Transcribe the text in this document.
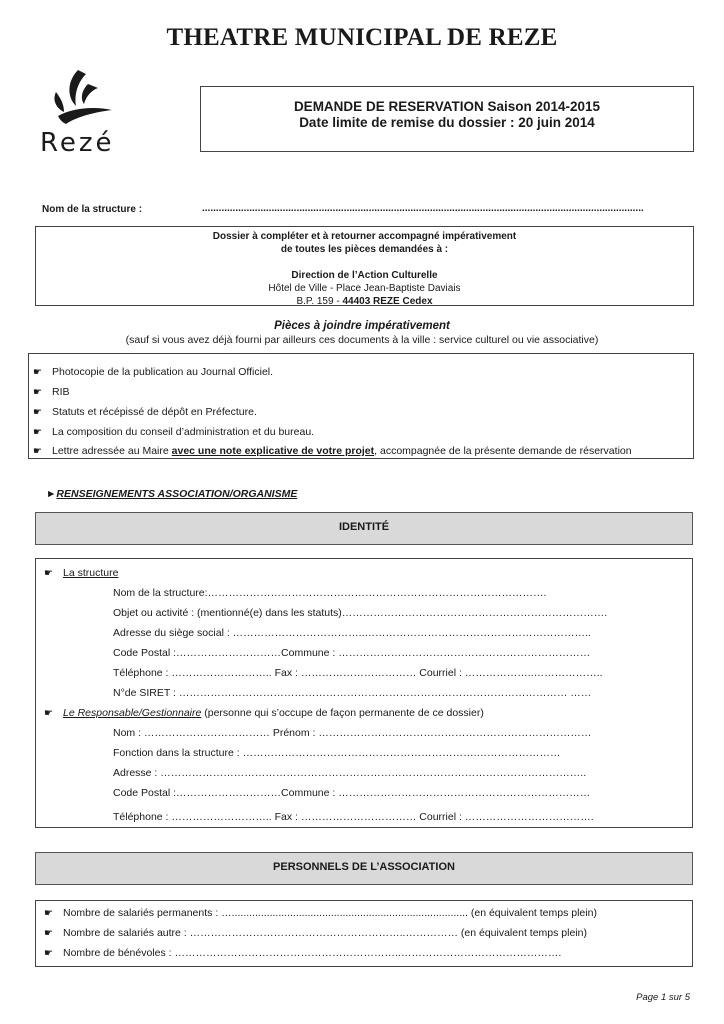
THEATRE MUNICIPAL DE REZE
Rezé
DEMANDE DE RESERVATION Saison 2014-2015
Date limite de remise du dossier : 20 juin 2014
Nom de la structure :	...............................................................................................................................................................
Dossier à compléter et à retourner accompagné impérativement
de toutes les pièces demandées à :
Direction de l’Action Culturelle
Hôtel de Ville - Place Jean-Baptiste Daviais
B.P. 159 - 44403 REZE Cedex
Pièces à joindre impérativement
(sauf si vous avez déjà fourni par ailleurs ces documents à la ville : service culturel ou vie associative)
☛ Photocopie de la publication au Journal Officiel.
☛ RIB
☛ Statuts et récépissé de dépôt en Préfecture.
☛ La composition du conseil d’administration et du bureau.
☛ Lettre adressée au Maire avec une note explicative de votre projet, accompagnée de la présente demande de réservation
►RENSEIGNEMENTS ASSOCIATION/ORGANISME
IDENTITÉ
☛ La structure
Nom de la structure:…………………………………………………………………………………….
Objet ou activité : (mentionné(e) dans les statuts)………………………………………………………………….
Adresse du siège social : ………………………………..………………………………………………………..
Code Postal :…………………………Commune : ………………………………………………………………
Téléphone : ……………………….. Fax : …………………………… Courriel : ………………..………………..
N°de SIRET : ………………………………………………………………………………………………… ……
☛ Le Responsable/Gestionnaire (personne qui s’occupe de façon permanente de ce dossier)
Nom : ……………………………… Prénom : ……………………………………………………………………
Fonction dans la structure : ………………………………………………………….……………………
Adresse : …………………………………………………………………………………………………………..
Code Postal :…………………………Commune : ………………………………………………………………
Téléphone : ……………………….. Fax : …………………………… Courriel : ……………………………….
PERSONNELS DE L’ASSOCIATION
☛ Nombre de salariés permanents : …................................................................................. (en équivalent temps plein)
☛ Nombre de salariés autre : ……………………………………………………..…………… (en équivalent temps plein)
☛ Nombre de bénévoles : ………………………………………………………..……………………………………….
Page 1 sur 5
